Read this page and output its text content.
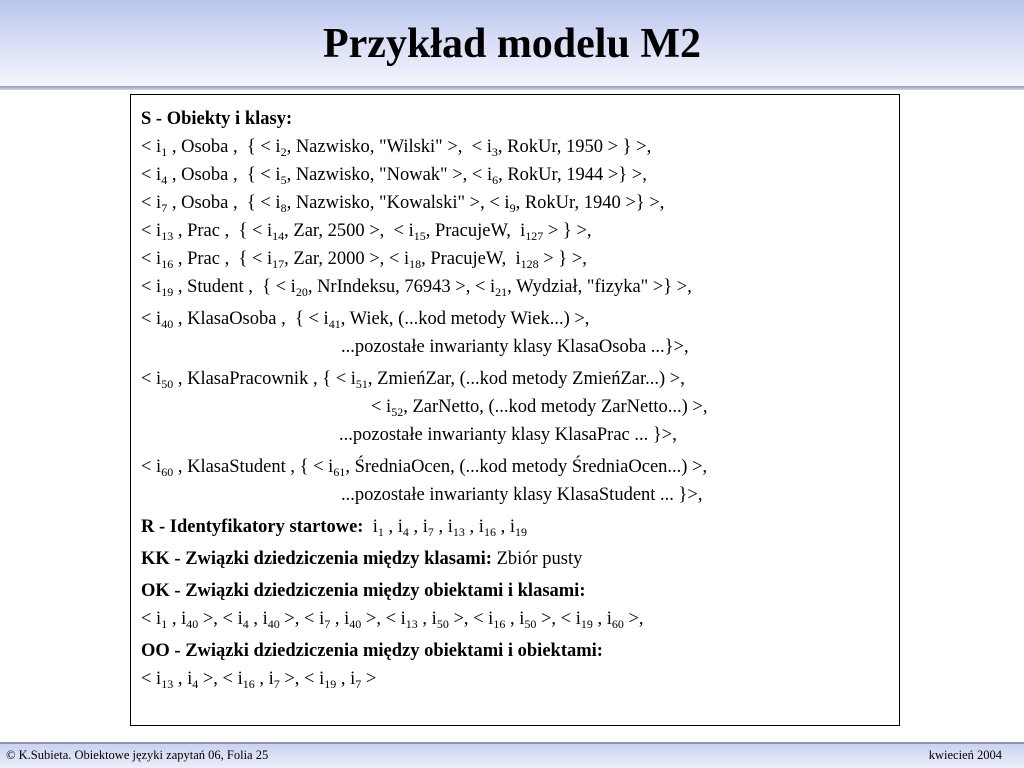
Przykład modelu M2
S - Obiekty i klasy:
< $i_1$ , Osoba ,  { < $i_2$, Nazwisko, "Wilski" >,  < $i_3$, RokUr, 1950 > } >,
< $i_4$ , Osoba ,  { < $i_5$, Nazwisko, "Nowak" >, < $i_6$, RokUr, 1944 >} >,
< $i_7$ , Osoba ,  { < $i_8$, Nazwisko, "Kowalski" >, < $i_9$, RokUr, 1940 >} >,
< $i_{13}$ , Prac ,  { < $i_{14}$, Zar, 2500 >,  < $i_{15}$, PracujeW,  $i_{127}$ > } >,
< $i_{16}$ , Prac ,  { < $i_{17}$, Zar, 2000 >, < $i_{18}$, PracujeW,  $i_{128}$ > } >,
< $i_{19}$ , Student ,  { < $i_{20}$, NrIndeksu, 76943 >, < $i_{21}$, Wydział, "fizyka" >} >,
< $i_{40}$ , KlasaOsoba ,  { < $i_{41}$, Wiek, (...kod metody Wiek...) >,
...pozostałe inwarianty klasy KlasaOsoba ...}>,
< $i_{50}$ , KlasaPracownik , { < $i_{51}$, ZmieńZar, (...kod metody ZmieńZar...) >,
< $i_{52}$, ZarNetto, (...kod metody ZarNetto...) >,
...pozostałe inwarianty klasy KlasaPrac ... }>,
< $i_{60}$ , KlasaStudent , { < $i_{61}$, ŚredniaOcen, (...kod metody ŚredniaOcen...) >,
...pozostałe inwarianty klasy KlasaStudent ... }>,
R - Identyfikatory startowe:  $i_1$ , $i_4$ , $i_7$ , $i_{13}$ , $i_{16}$ , $i_{19}$
KK - Związki dziedziczenia między klasami: Zbiór pusty
OK - Związki dziedziczenia między obiektami i klasami:
< $i_1$ , $i_{40}$ >, < $i_4$ , $i_{40}$ >, < $i_7$ , $i_{40}$ >, < $i_{13}$ , $i_{50}$ >, < $i_{16}$ , $i_{50}$ >, < $i_{19}$ , $i_{60}$ >,
OO - Związki dziedziczenia między obiektami i obiektami:
< $i_{13}$ , $i_4$ >, < $i_{16}$ , $i_7$ >, < $i_{19}$ , $i_7$ >
© K.Subieta. Obiektowe języki zapytań 06, Folia 25	kwiecień 2004
